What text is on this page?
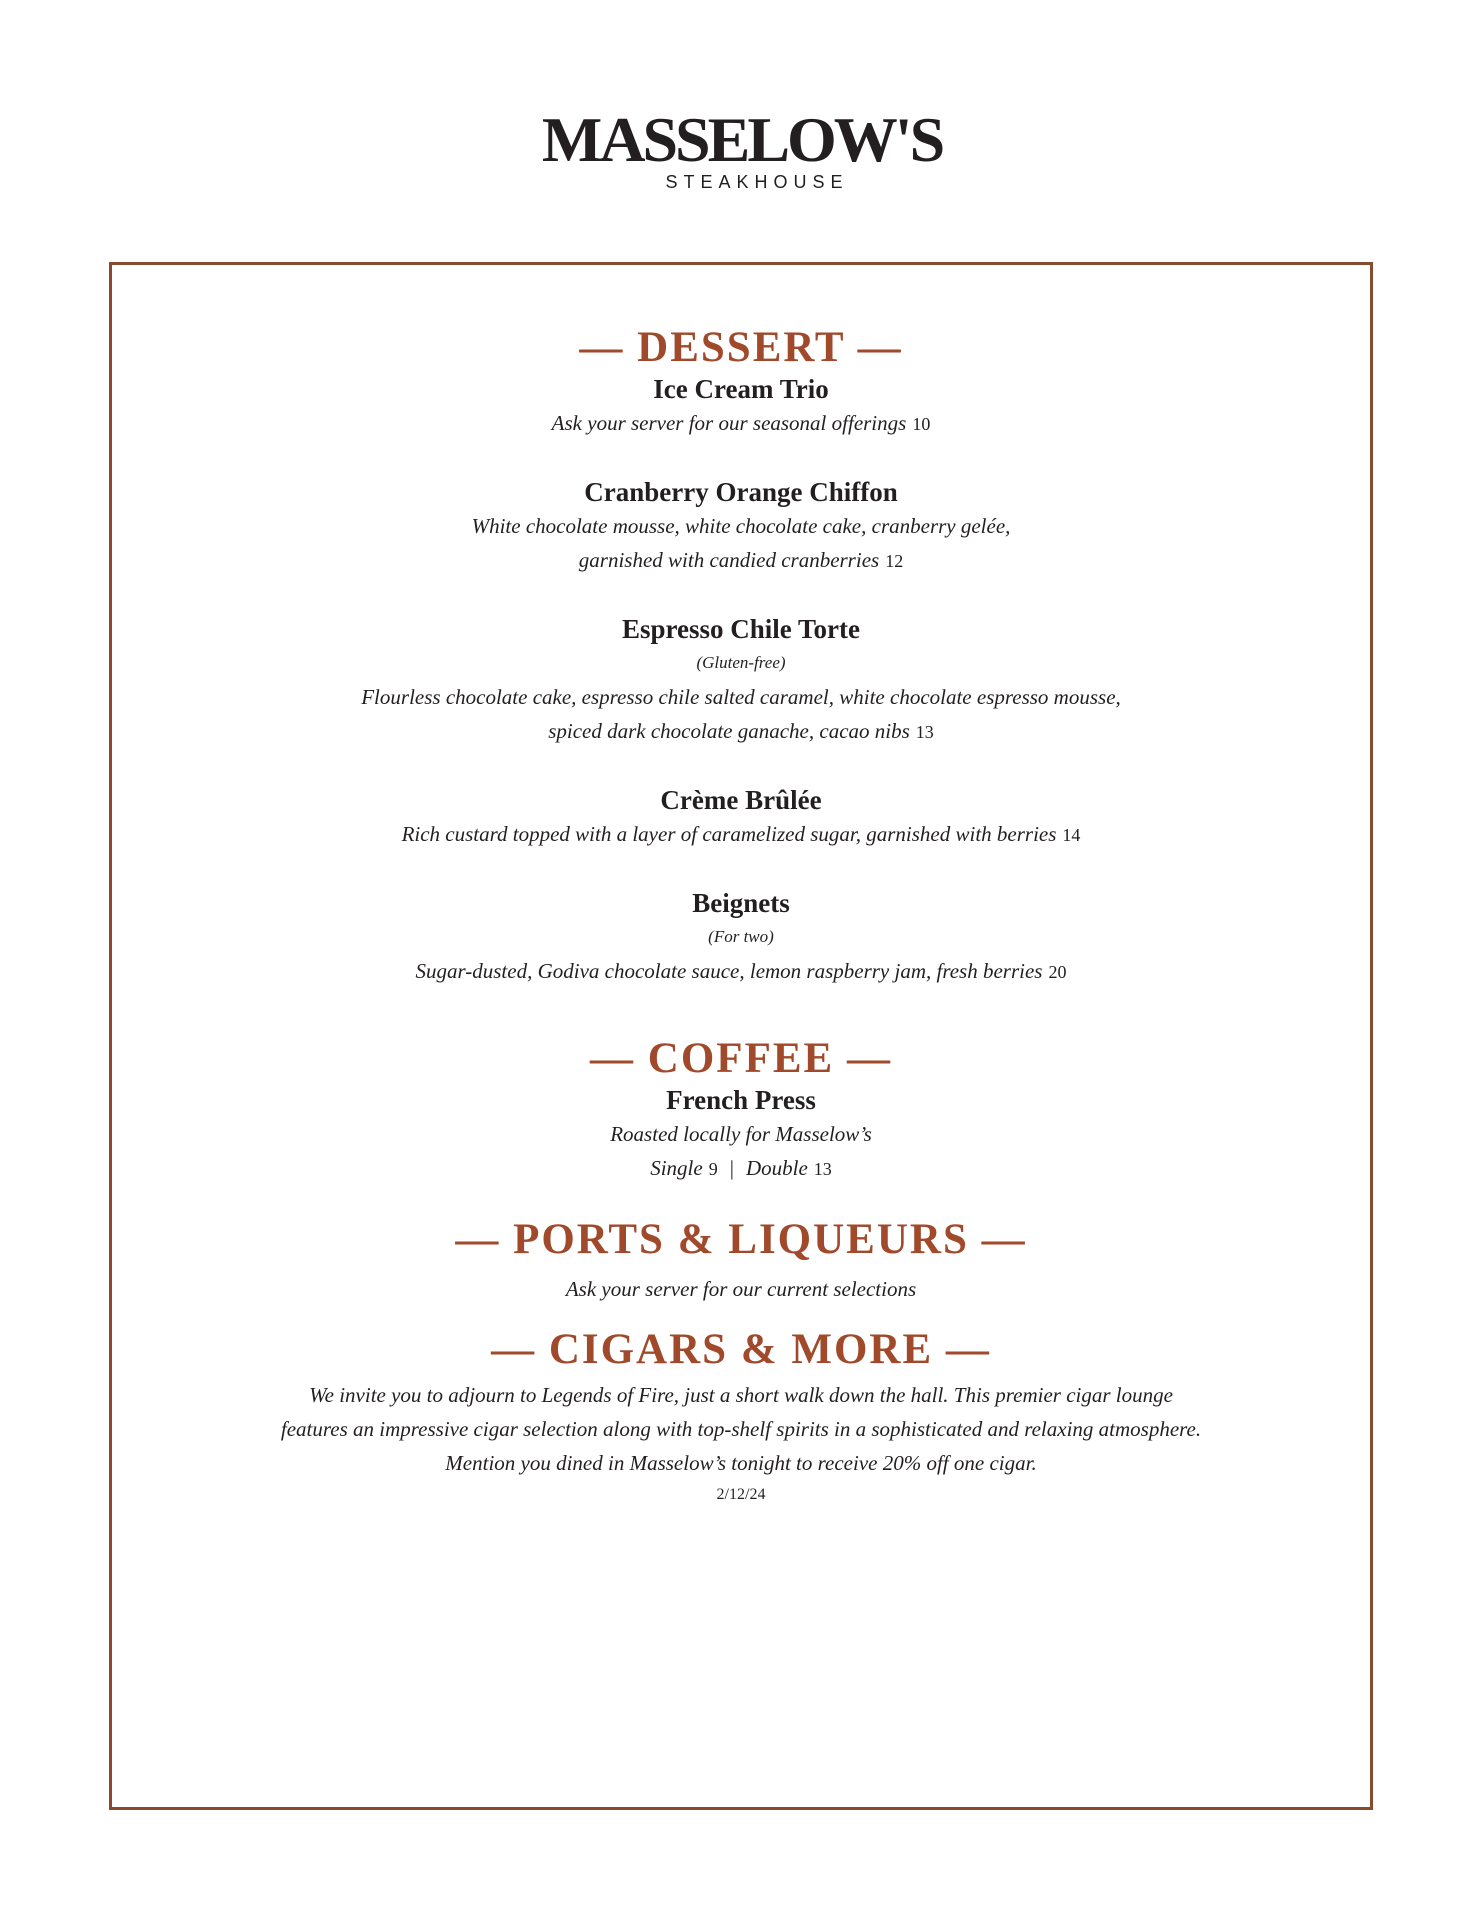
MASSELOW'S
STEAKHOUSE
— DESSERT —

Ice Cream Trio

Ask your server for our seasonal offerings 10

Cranberry Orange Chiffon

White chocolate mousse, white chocolate cake, cranberry gelée,

garnished with candied cranberries 12

Espresso Chile Torte

(Gluten-free)

Flourless chocolate cake, espresso chile salted caramel, white chocolate espresso mousse,

spiced dark chocolate ganache, cacao nibs 13

Crème Brûlée

Rich custard topped with a layer of caramelized sugar, garnished with berries 14

Beignets

(For two)

Sugar-dusted, Godiva chocolate sauce, lemon raspberry jam, fresh berries 20

— COFFEE —

French Press

Roasted locally for Masselow’s

Single 9 | Double 13

— PORTS & LIQUEURS —

Ask your server for our current selections

— CIGARS & MORE —

We invite you to adjourn to Legends of Fire, just a short walk down the hall. This premier cigar lounge

features an impressive cigar selection along with top-shelf spirits in a sophisticated and relaxing atmosphere.

Mention you dined in Masselow’s tonight to receive 20% off one cigar.

2/12/24
